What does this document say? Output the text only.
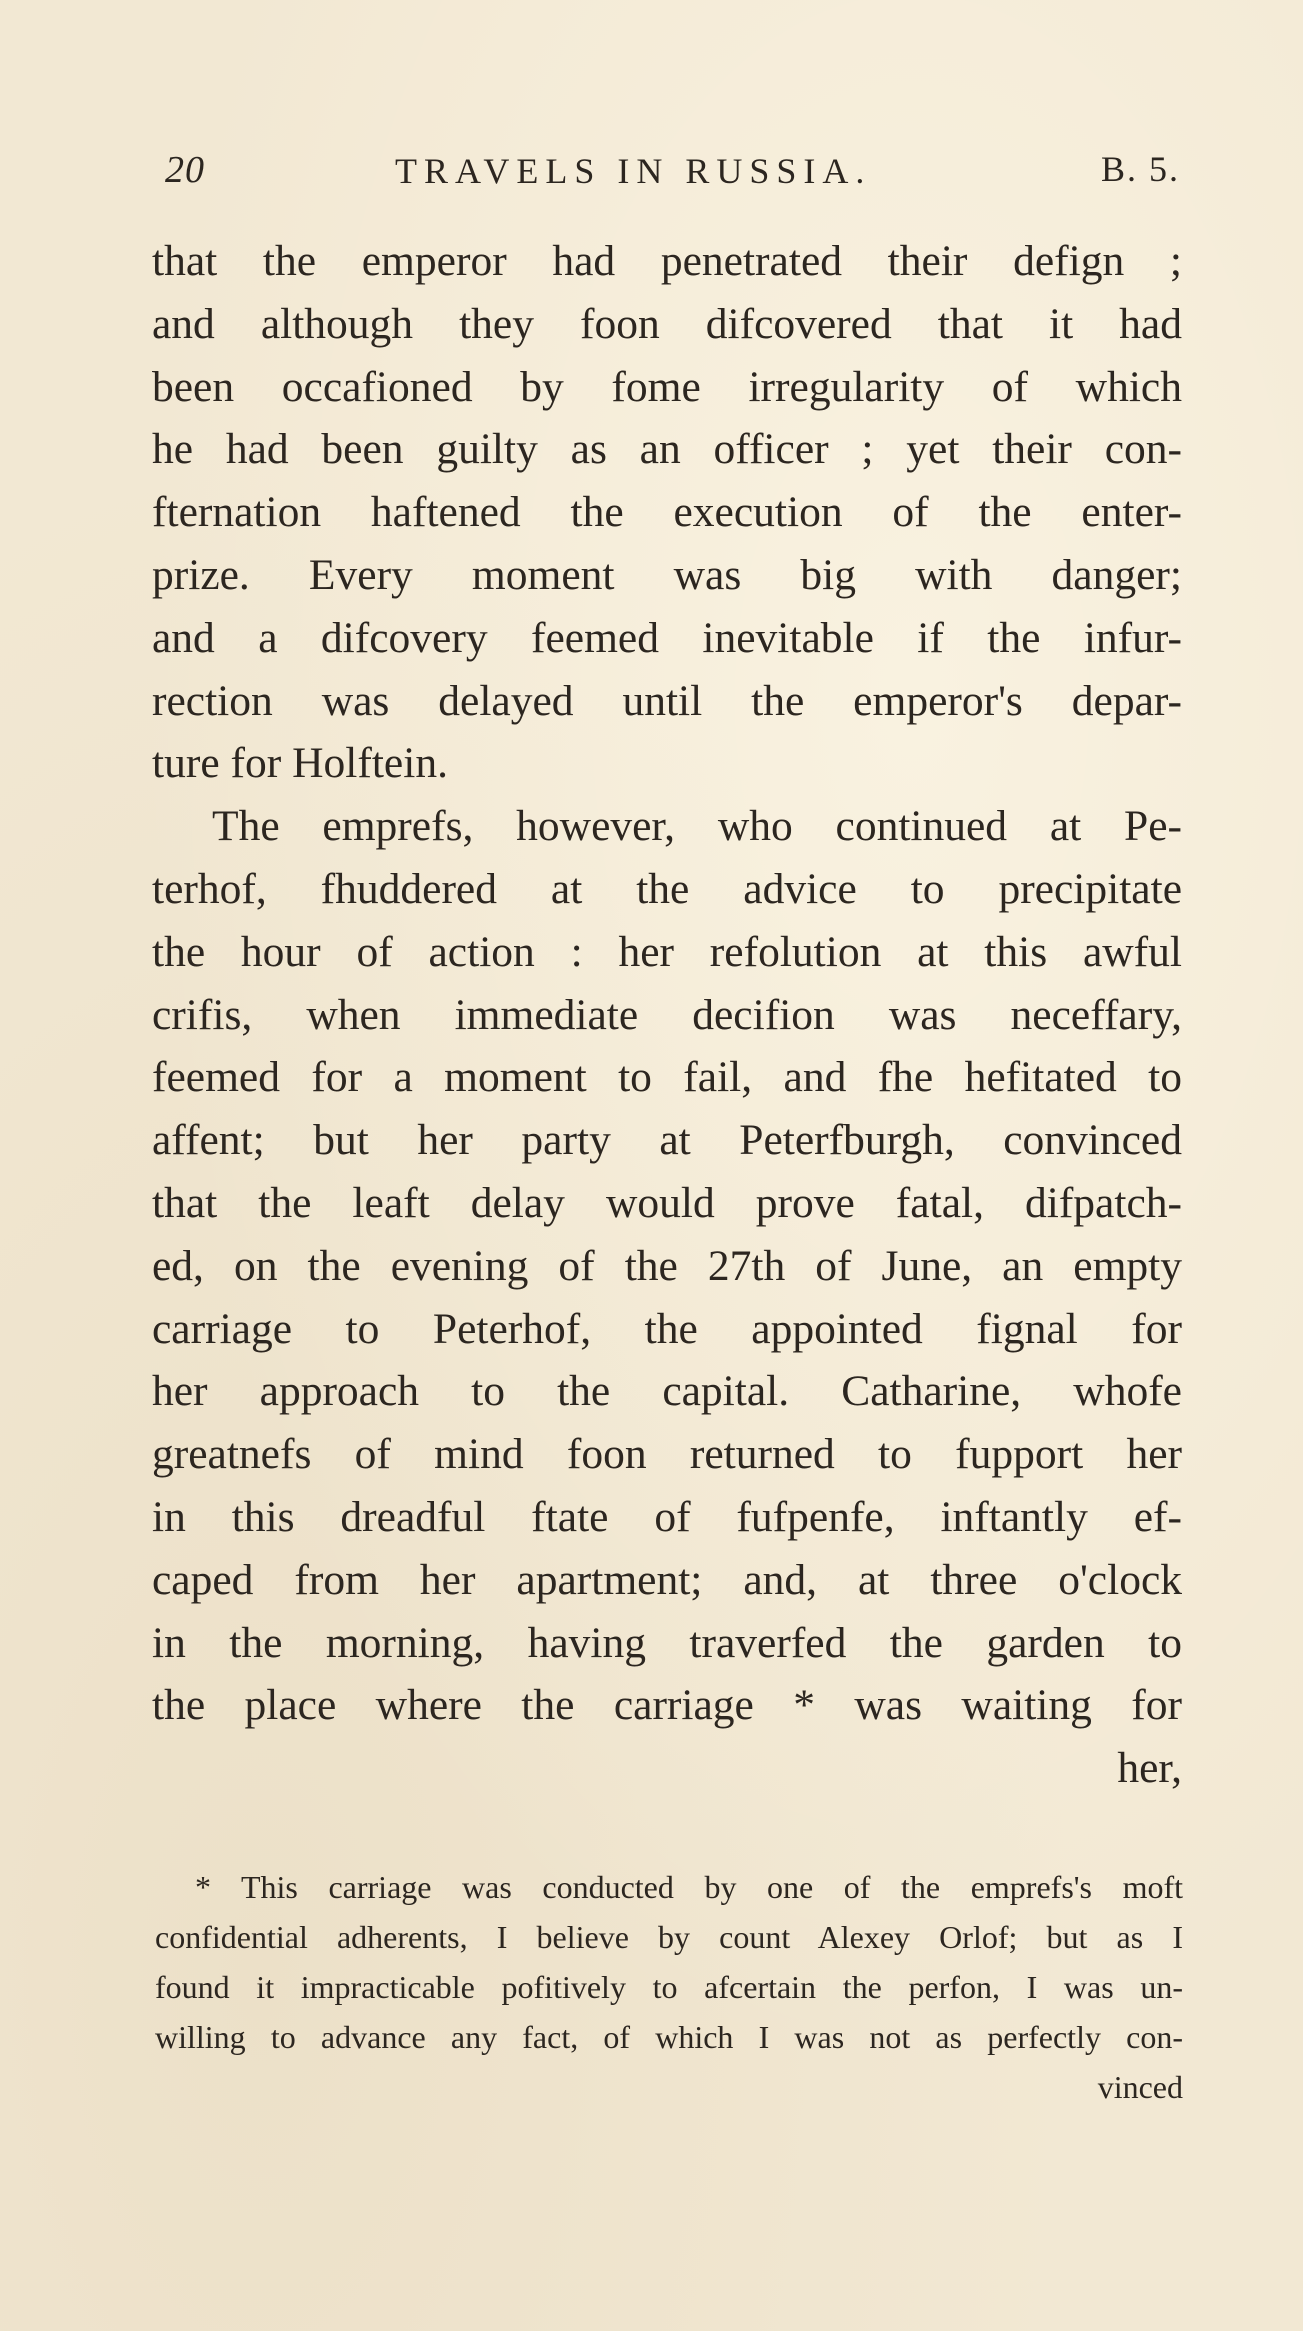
20	TRAVELS IN RUSSIA.	B. 5.
that the emperor had penetrated their defign ;
and although they foon difcovered that it had
been occafioned by fome irregularity of which
he had been guilty as an officer ; yet their con-
fternation haftened the execution of the enter-
prize. Every moment was big with danger;
and a difcovery feemed inevitable if the infur-
rection was delayed until the emperor's depar-
ture for Holftein.
The emprefs, however, who continued at Pe-
terhof, fhuddered at the advice to precipitate
the hour of action : her refolution at this awful
crifis, when immediate decifion was neceffary,
feemed for a moment to fail, and fhe hefitated to
affent; but her party at Peterfburgh, convinced
that the leaft delay would prove fatal, difpatch-
ed, on the evening of the 27th of June, an empty
carriage to Peterhof, the appointed fignal for
her approach to the capital. Catharine, whofe
greatnefs of mind foon returned to fupport her
in this dreadful ftate of fufpenfe, inftantly ef-
caped from her apartment; and, at three o'clock
in the morning, having traverfed the garden to
the place where the carriage * was waiting for
her,
* This carriage was conducted by one of the emprefs's moft
confidential adherents, I believe by count Alexey Orlof; but as I
found it impracticable pofitively to afcertain the perfon, I was un-
willing to advance any fact, of which I was not as perfectly con-
vinced
